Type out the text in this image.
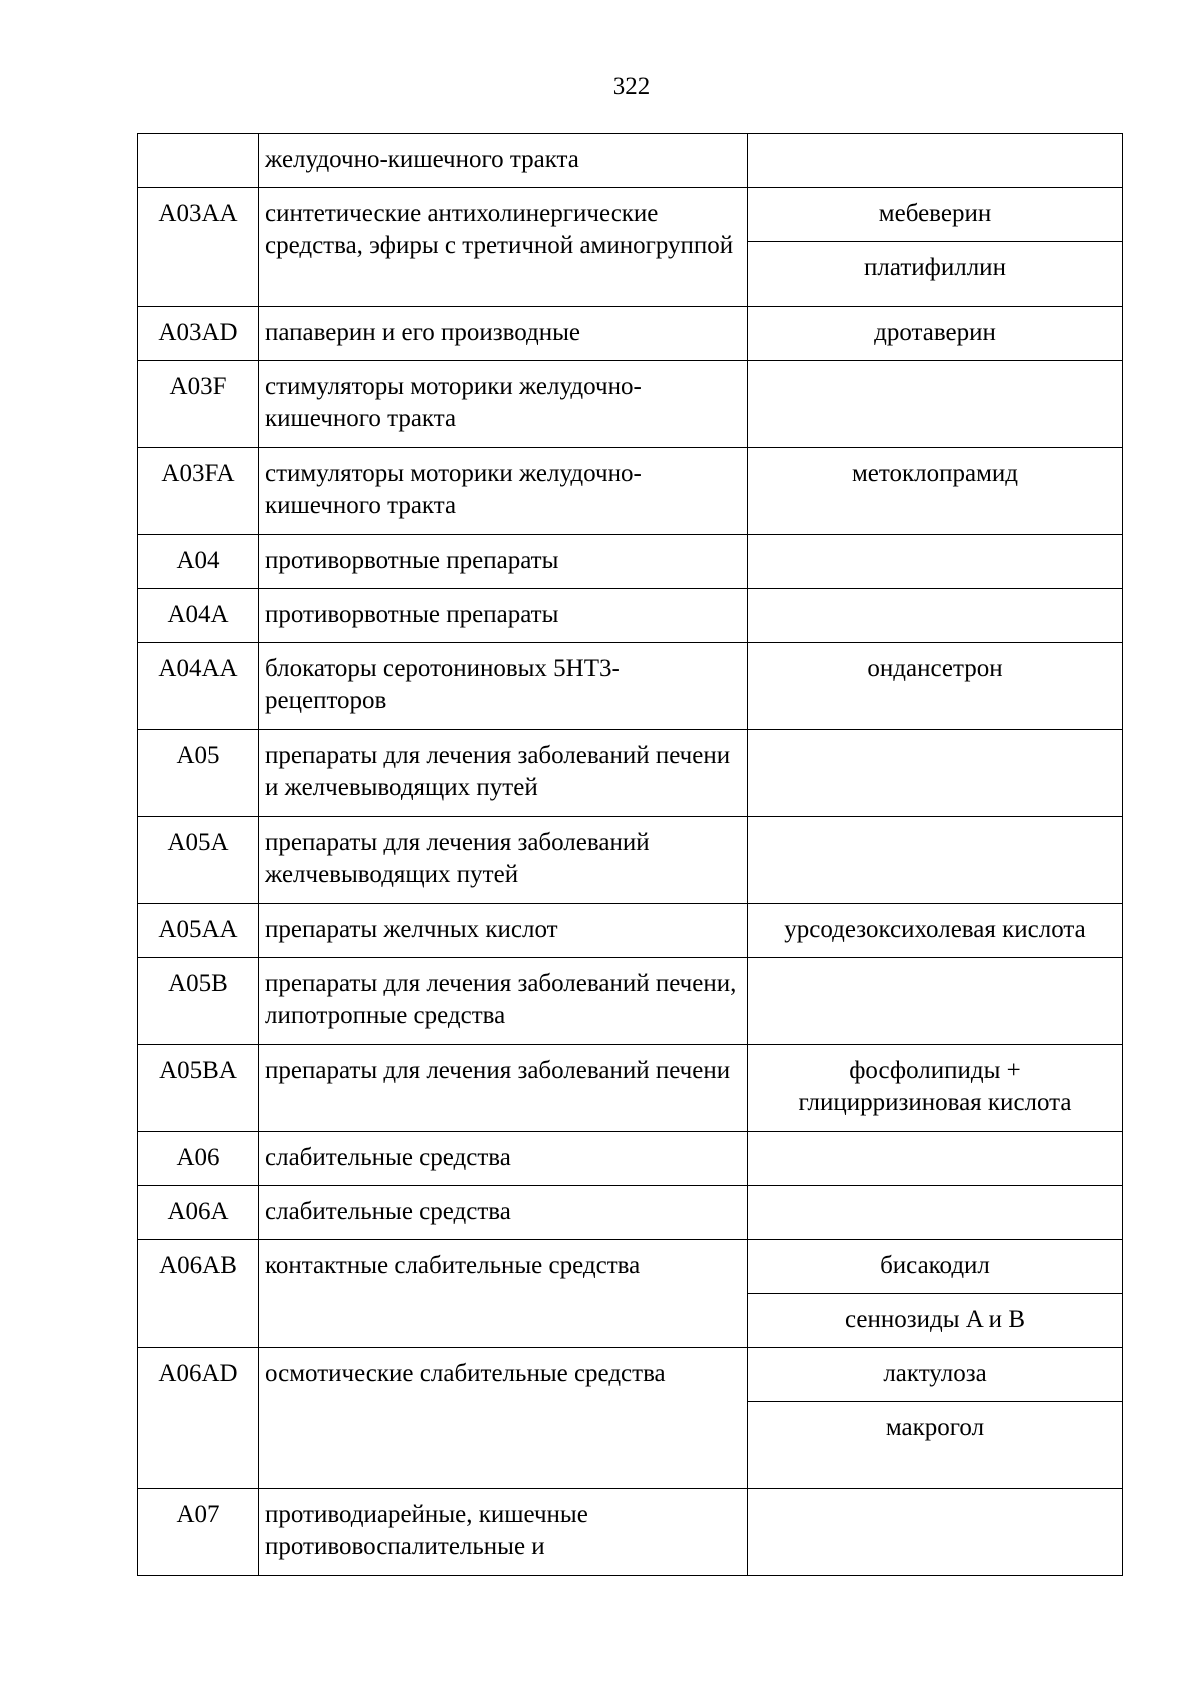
322
	желудочно-кишечного тракта	
A03AA	синтетические антихолинергические средства, эфиры с третичной аминогруппой	мебеверин
		платифиллин
A03AD	папаверин и его производные	дротаверин
A03F	стимуляторы моторики желудочно-кишечного тракта	
A03FA	стимуляторы моторики желудочно-кишечного тракта	метоклопрамид
A04	противорвотные препараты	
A04A	противорвотные препараты	
A04AA	блокаторы серотониновых 5HT3-рецепторов	ондансетрон
A05	препараты для лечения заболеваний печени и желчевыводящих путей	
A05A	препараты для лечения заболеваний желчевыводящих путей	
A05AA	препараты желчных кислот	урсодезоксихолевая кислота
A05B	препараты для лечения заболеваний печени, липотропные средства	
A05BA	препараты для лечения заболеваний печени	фосфолипиды + глицирризиновая кислота
A06	слабительные средства	
A06A	слабительные средства	
A06AB	контактные слабительные средства	бисакодил
		сеннозиды A и B
A06AD	осмотические слабительные средства	лактулоза
		макрогол
A07	противодиарейные, кишечные противовоспалительные и	
